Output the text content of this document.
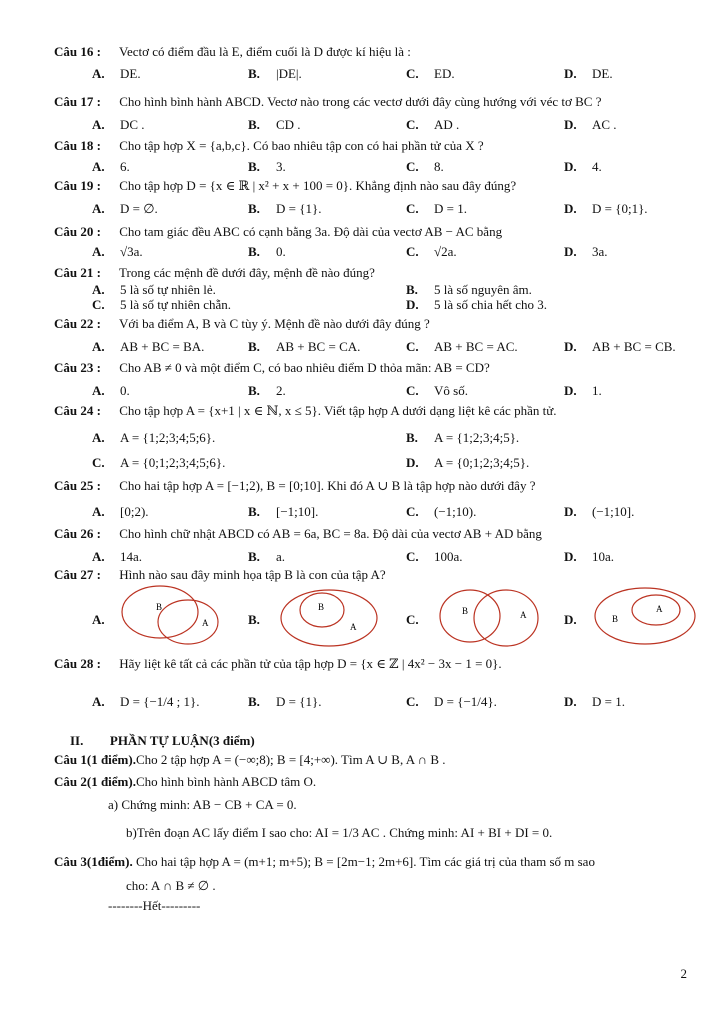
Câu 16 : Vectơ có điểm đầu là E, điểm cuối là D được kí hiệu là :
A. DE.	B. |DE|.	C. ED.	D. DE.
Câu 17 : Cho hình bình hành ABCD. Vectơ nào trong các vectơ dưới đây cùng hướng với véc tơ BC ?
A. DC .	B. CD .	C. AD .	D. AC .
Câu 18 : Cho tập hợp X = {a,b,c}. Có bao nhiêu tập con có hai phần tử của X ?
A. 6.	B. 3.	C. 8.	D. 4.
Câu 19 : Cho tập hợp D = {x ∈ ℝ | x² + x + 100 = 0}. Khẳng định nào sau đây đúng?
A. D = ∅.	B. D = {1}.	C. D = 1.	D. D = {0;1}.
Câu 20 : Cho tam giác đều ABC có cạnh bằng 3a. Độ dài của vectơ AB − AC bằng
A. √3a.	B. 0.	C. √2a.	D. 3a.
Câu 21 : Trong các mệnh đề dưới đây, mệnh đề nào đúng?
A. 5 là số tự nhiên lẻ.	B. 5 là số nguyên âm.
C. 5 là số tự nhiên chẵn.	D. 5 là số chia hết cho 3.
Câu 22 : Với ba điểm A, B và C tùy ý. Mệnh đề nào dưới đây đúng ?
A. AB + BC = BA.	B. AB + BC = CA.	C. AB + BC = AC.	D. AB + BC = CB.
Câu 23 : Cho AB ≠ 0 và một điểm C, có bao nhiêu điểm D thỏa mãn: AB = CD?
A. 0.	B. 2.	C. Vô số.	D. 1.
Câu 24 : Cho tập hợp A = {x+1 | x ∈ ℕ, x ≤ 5}. Viết tập hợp A dưới dạng liệt kê các phần tử.
A. A = {1;2;3;4;5;6}.	B. A = {1;2;3;4;5}.
C. A = {0;1;2;3;4;5;6}.	D. A = {0;1;2;3;4;5}.
Câu 25 : Cho hai tập hợp A = [−1;2), B = [0;10]. Khi đó A ∪ B là tập hợp nào dưới đây ?
A. [0;2).	B. [−1;10].	C. (−1;10).	D. (−1;10].
Câu 26 : Cho hình chữ nhật ABCD có AB = 6a, BC = 8a. Độ dài của vectơ AB + AD bằng
A. 14a.	B. a.	C. 100a.	D. 10a.
Câu 27 : Hình nào sau đây minh họa tập B là con của tập A?
A.
B
A	B.
B
A	C.
B	A	D.	B
A
Câu 28 : Hãy liệt kê tất cả các phần tử của tập hợp D = {x ∈ ℤ | 4x² − 3x − 1 = 0}.
A. D = {−1/4 ; 1}.	B. D = {1}.	C. D = {−1/4}.	D. D = 1.
II. PHẦN TỰ LUẬN(3 điểm)
Câu 1(1 điểm).Cho 2 tập hợp A = (−∞;8); B = [4;+∞). Tìm A ∪ B, A ∩ B .
Câu 2(1 điểm).Cho hình bình hành ABCD tâm O.
a) Chứng minh: AB − CB + CA = 0.
b)Trên đoạn AC lấy điểm I sao cho: AI = 1/3 AC . Chứng minh: AI + BI + DI = 0.
Câu 3(1điểm). Cho hai tập hợp A = (m+1; m+5); B = [2m−1; 2m+6]. Tìm các giá trị của tham số m sao
cho: A ∩ B ≠ ∅ .
--------Hết---------
2
